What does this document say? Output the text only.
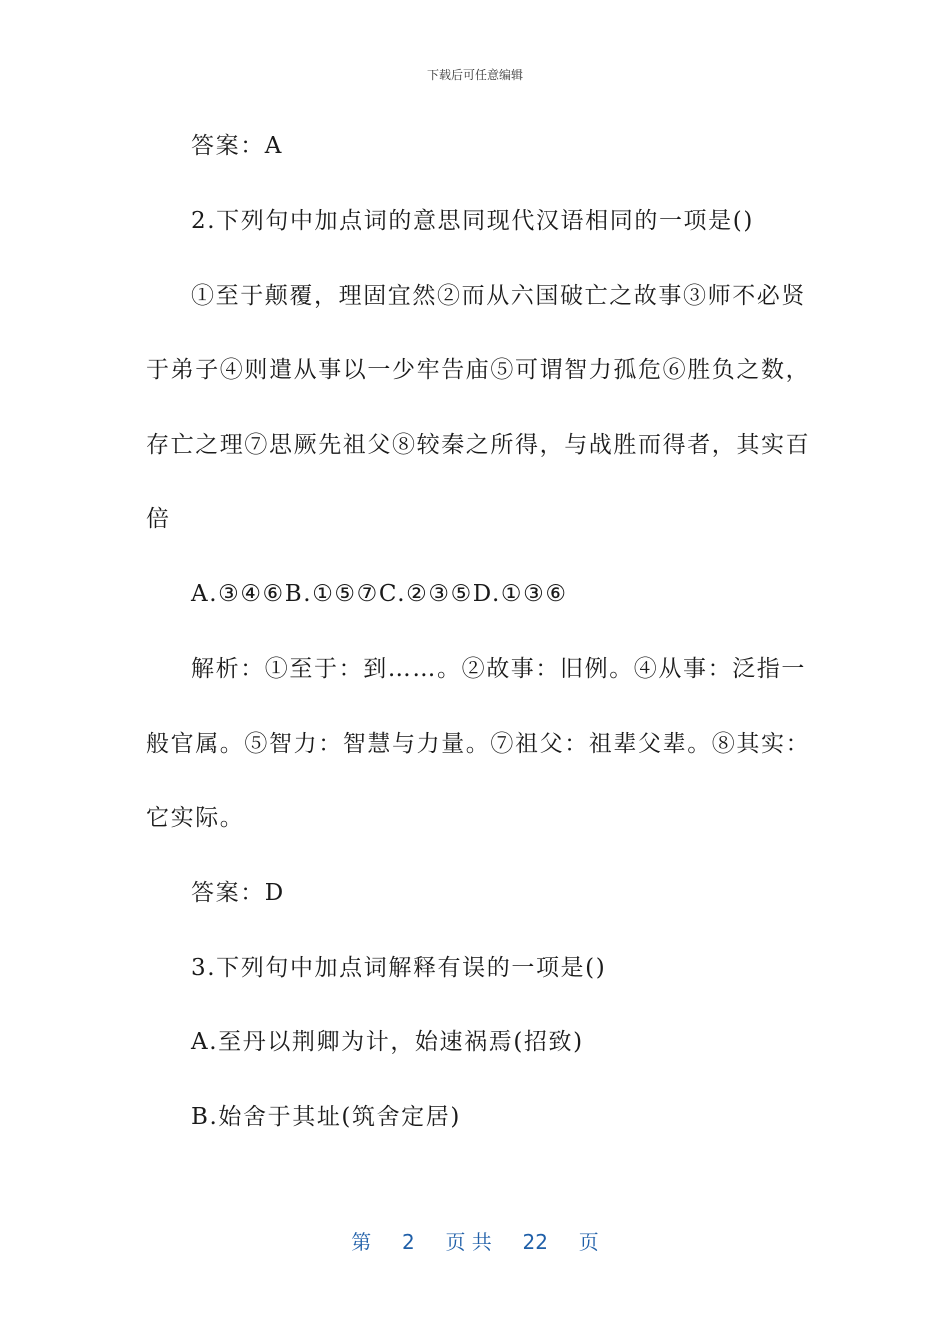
下载后可任意编辑
答案：A
2.下列句中加点词的意思同现代汉语相同的一项是()
①至于颠覆，理固宜然②而从六国破亡之故事③师不必贤
于弟子④则遣从事以一少牢告庙⑤可谓智力孤危⑥胜负之数，
存亡之理⑦思厥先祖父⑧较秦之所得，与战胜而得者，其实百
倍
A.③④⑥B.①⑤⑦C.②③⑤D.①③⑥
解析：①至于：到……。②故事：旧例。④从事：泛指一
般官属。⑤智力：智慧与力量。⑦祖父：祖辈父辈。⑧其实：
它实际。
答案：D
3.下列句中加点词解释有误的一项是()
A.至丹以荆卿为计，始速祸焉(招致)
B.始舍于其址(筑舍定居)
第 2 页 共 22 页
